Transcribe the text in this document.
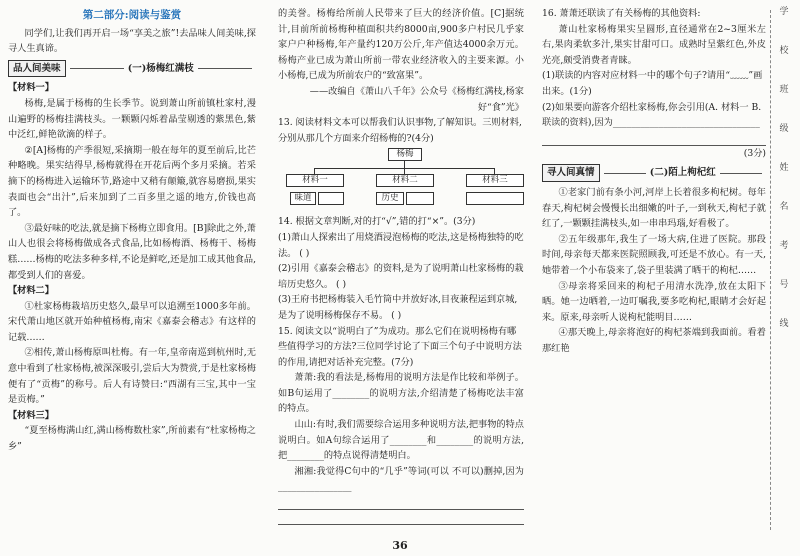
第二部分:阅读与鉴赏

同学们,让我们再开启一场“享美之旅”!去品味人间美味,探寻人生真谛。

品人间美味	(一)杨梅红满枝

【材料一】

杨梅,是属于杨梅的生长季节。说到萧山所前镇杜家村,漫山遍野的杨梅挂满枝头。一颗颗闪烁着晶莹剔透的紫黑色,紫中泛红,鲜艳欲滴的样子。

②[A]杨梅的产季很短,采摘期一般在每年的夏至前后,比芒种略晚。果实结得早,杨梅就得在开花后两个多月采摘。若采摘下的杨梅进入运输环节,路途中又稍有颠簸,就容易磨损,果实表面也会“出汁”,后来加到了二百多里之遥的地方,价钱也高了。

③最好味的吃法,就是摘下杨梅立即食用。[B]除此之外,萧山人也很会将杨梅做成各式食品,比如杨梅酒、杨梅干、杨梅糕……杨梅的吃法多种多样,不论是鲜吃,还是加工成其他食品,都受到人们的喜爱。

【材料二】

①杜家杨梅栽培历史悠久,最早可以追溯至1000多年前。宋代萧山地区就开始种植杨梅,南宋《嘉泰会稽志》有这样的记载……

②相传,萧山杨梅原叫杜梅。有一年,皇帝南巡到杭州时,无意中看到了杜家杨梅,被深深吸引,尝后大为赞赏,于是杜家杨梅便有了“贡梅”的称号。后人有诗赞曰:“西湖有三宝,其中一宝是贡梅。”

【材料三】

“夏至杨梅满山红,满山杨梅数杜家”,所前素有“杜家杨梅之乡”

的美誉。杨梅给所前人民带来了巨大的经济价值。[C]据统计,目前所前杨梅种植面积共约8000亩,900多户村民几乎家家户户种杨梅,年产量约120万公斤,年产值达4000余万元。杨梅产业已成为萧山所前一带农业经济收入的主要来源。小小杨梅,已成为所前农户的“致富果”。

——改编自《萧山八千年》公众号《杨梅红满枝,杨家好“食”光》

13. 阅读材料文本可以帮我们认识事物,了解知识。三则材料,分别从那几个方面来介绍杨梅的?(4分)

杨梅
材料一	材料二	材料三
味道	历史

14. 根据文章判断,对的打“√”,错的打“×”。(3分)

(1)萧山人探索出了用烧酒浸泡杨梅的吃法,这是杨梅独特的吃法。 ( )

(2)引用《嘉泰会稽志》的资料,是为了说明萧山杜家杨梅的栽培历史悠久。 ( )

(3)王府书把杨梅装入毛竹筒中并放好冰,目夜兼程运到京城,是为了说明杨梅保存不易。 ( )

15. 阅读文以“说明白了”为成功。那么它们在说明杨梅有哪些值得学习的方法?三位同学讨论了下面三个句子中说明方法的作用,请把对话补充完整。(7分)

萧萧:我的看法是,杨梅用的说明方法是作比较和举例子。如B句运用了________的说明方法,介绍清楚了杨梅吃法丰富的特点。

山山:有时,我们需要综合运用多种说明方法,把事物的特点说明白。如A句综合运用了________和________的说明方法,把________的特点说得清楚明白。

湘湘:我觉得C句中的“几乎”等词(可以 不可以)删掉,因为________________

16. 萧萧还联读了有关杨梅的其他资料:

萧山杜家杨梅果实呈圆形,直径通常在2~3厘米左右,果肉柔软多汁,果实甘甜可口。成熟时呈紫红色,外皮光亮,颇受消费者青睐。

(1)联读的内容对应材料一中的哪个句子?请用“﹏﹏”画出来。(1分)

(2)如果要向游客介绍杜家杨梅,你会引用(A. 材料一 B. 联读的资料),因为________________________________

(3分)

寻人间真情	(二)陌上枸杞红

①老家门前有条小河,河岸上长着很多枸杞树。每年春天,枸杞树会慢慢长出细嫩的叶子,一到秋天,枸杞子就红了,一颗颗挂满枝头,如一串串玛瑙,好看极了。

②五年级那年,我生了一场大病,住进了医院。那段时间,母亲每天都来医院照顾我,可还是不放心。有一天,她带着一个小布袋来了,袋子里装满了晒干的枸杞……

③母亲将采回来的枸杞子用清水洗净,放在太阳下晒。她一边晒着,一边叮嘱我,要多吃枸杞,眼睛才会好起来。原来,母亲听人说枸杞能明目……

④那天晚上,母亲将泡好的枸杞茶端到我面前。看着那红艳

学
校
班
级
姓
名
考
号
线
36
